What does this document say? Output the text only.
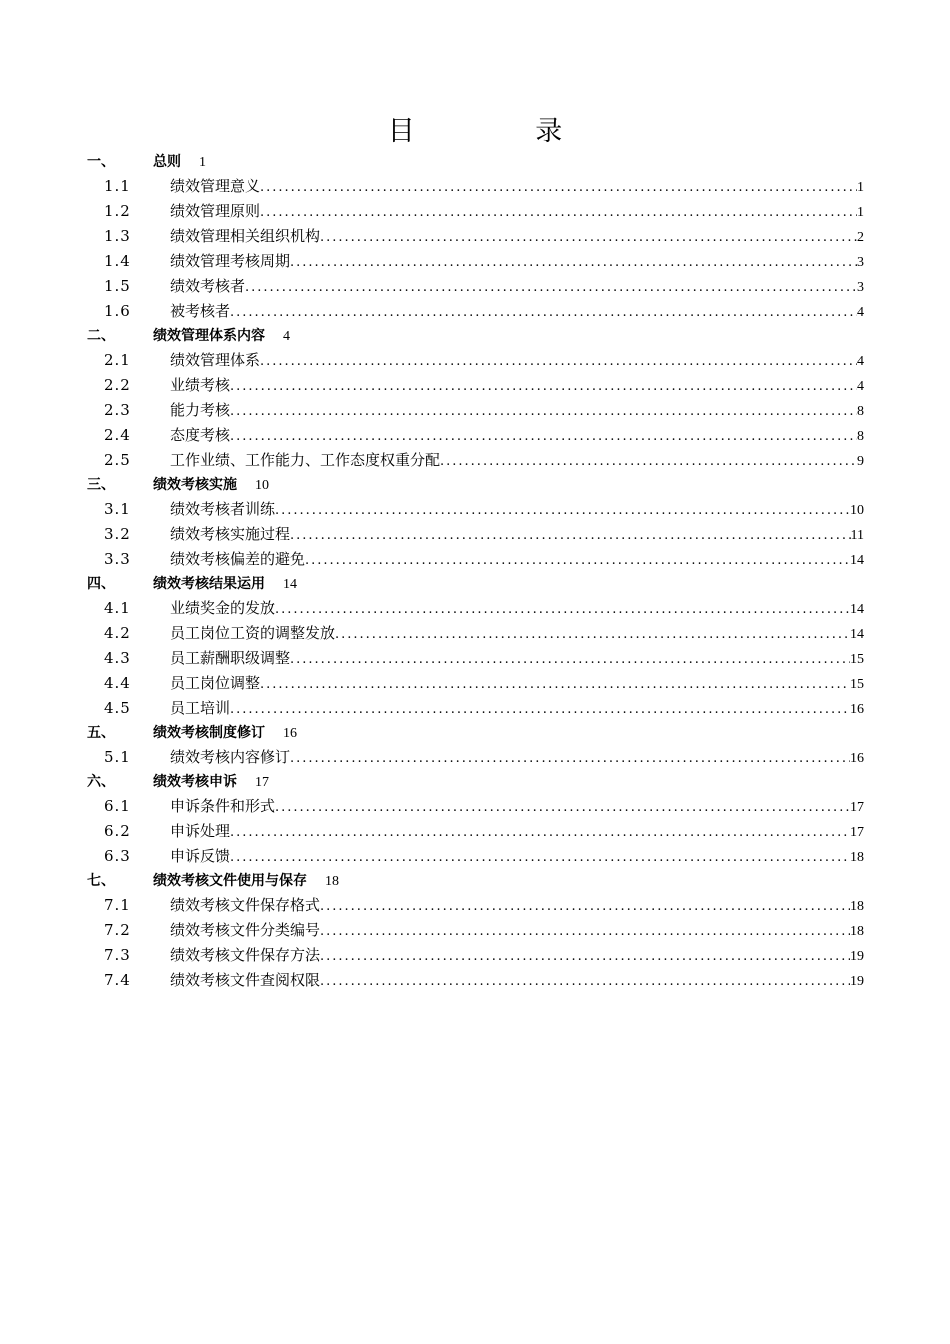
目 录
一、	总则 1
1.1	绩效管理意义 .....	1
1.2	绩效管理原则 .....	1
1.3	绩效管理相关组织机构 .....	2
1.4	绩效管理考核周期 .....	3
1.5	绩效考核者 .....	3
1.6	被考核者 .....	4
二、	绩效管理体系内容 4
2.1	绩效管理体系 .....	4
2.2	业绩考核 .....	4
2.3	能力考核 .....	8
2.4	态度考核 .....	8
2.5	工作业绩、工作能力、工作态度权重分配 .....	9
三、	绩效考核实施 10
3.1	绩效考核者训练 .....	10
3.2	绩效考核实施过程 .....	11
3.3	绩效考核偏差的避免 .....	14
四、	绩效考核结果运用 14
4.1	业绩奖金的发放 .....	14
4.2	员工岗位工资的调整发放 .....	14
4.3	员工薪酬职级调整 .....	15
4.4	员工岗位调整 .....	15
4.5	员工培训 .....	16
五、	绩效考核制度修订 16
5.1	绩效考核内容修订 .....	16
六、	绩效考核申诉 17
6.1	申诉条件和形式 .....	17
6.2	申诉处理 .....	17
6.3	申诉反馈 .....	18
七、	绩效考核文件使用与保存 18
7.1	绩效考核文件保存格式 .....	18
7.2	绩效考核文件分类编号 .....	18
7.3	绩效考核文件保存方法 .....	19
7.4	绩效考核文件查阅权限 .....	19
